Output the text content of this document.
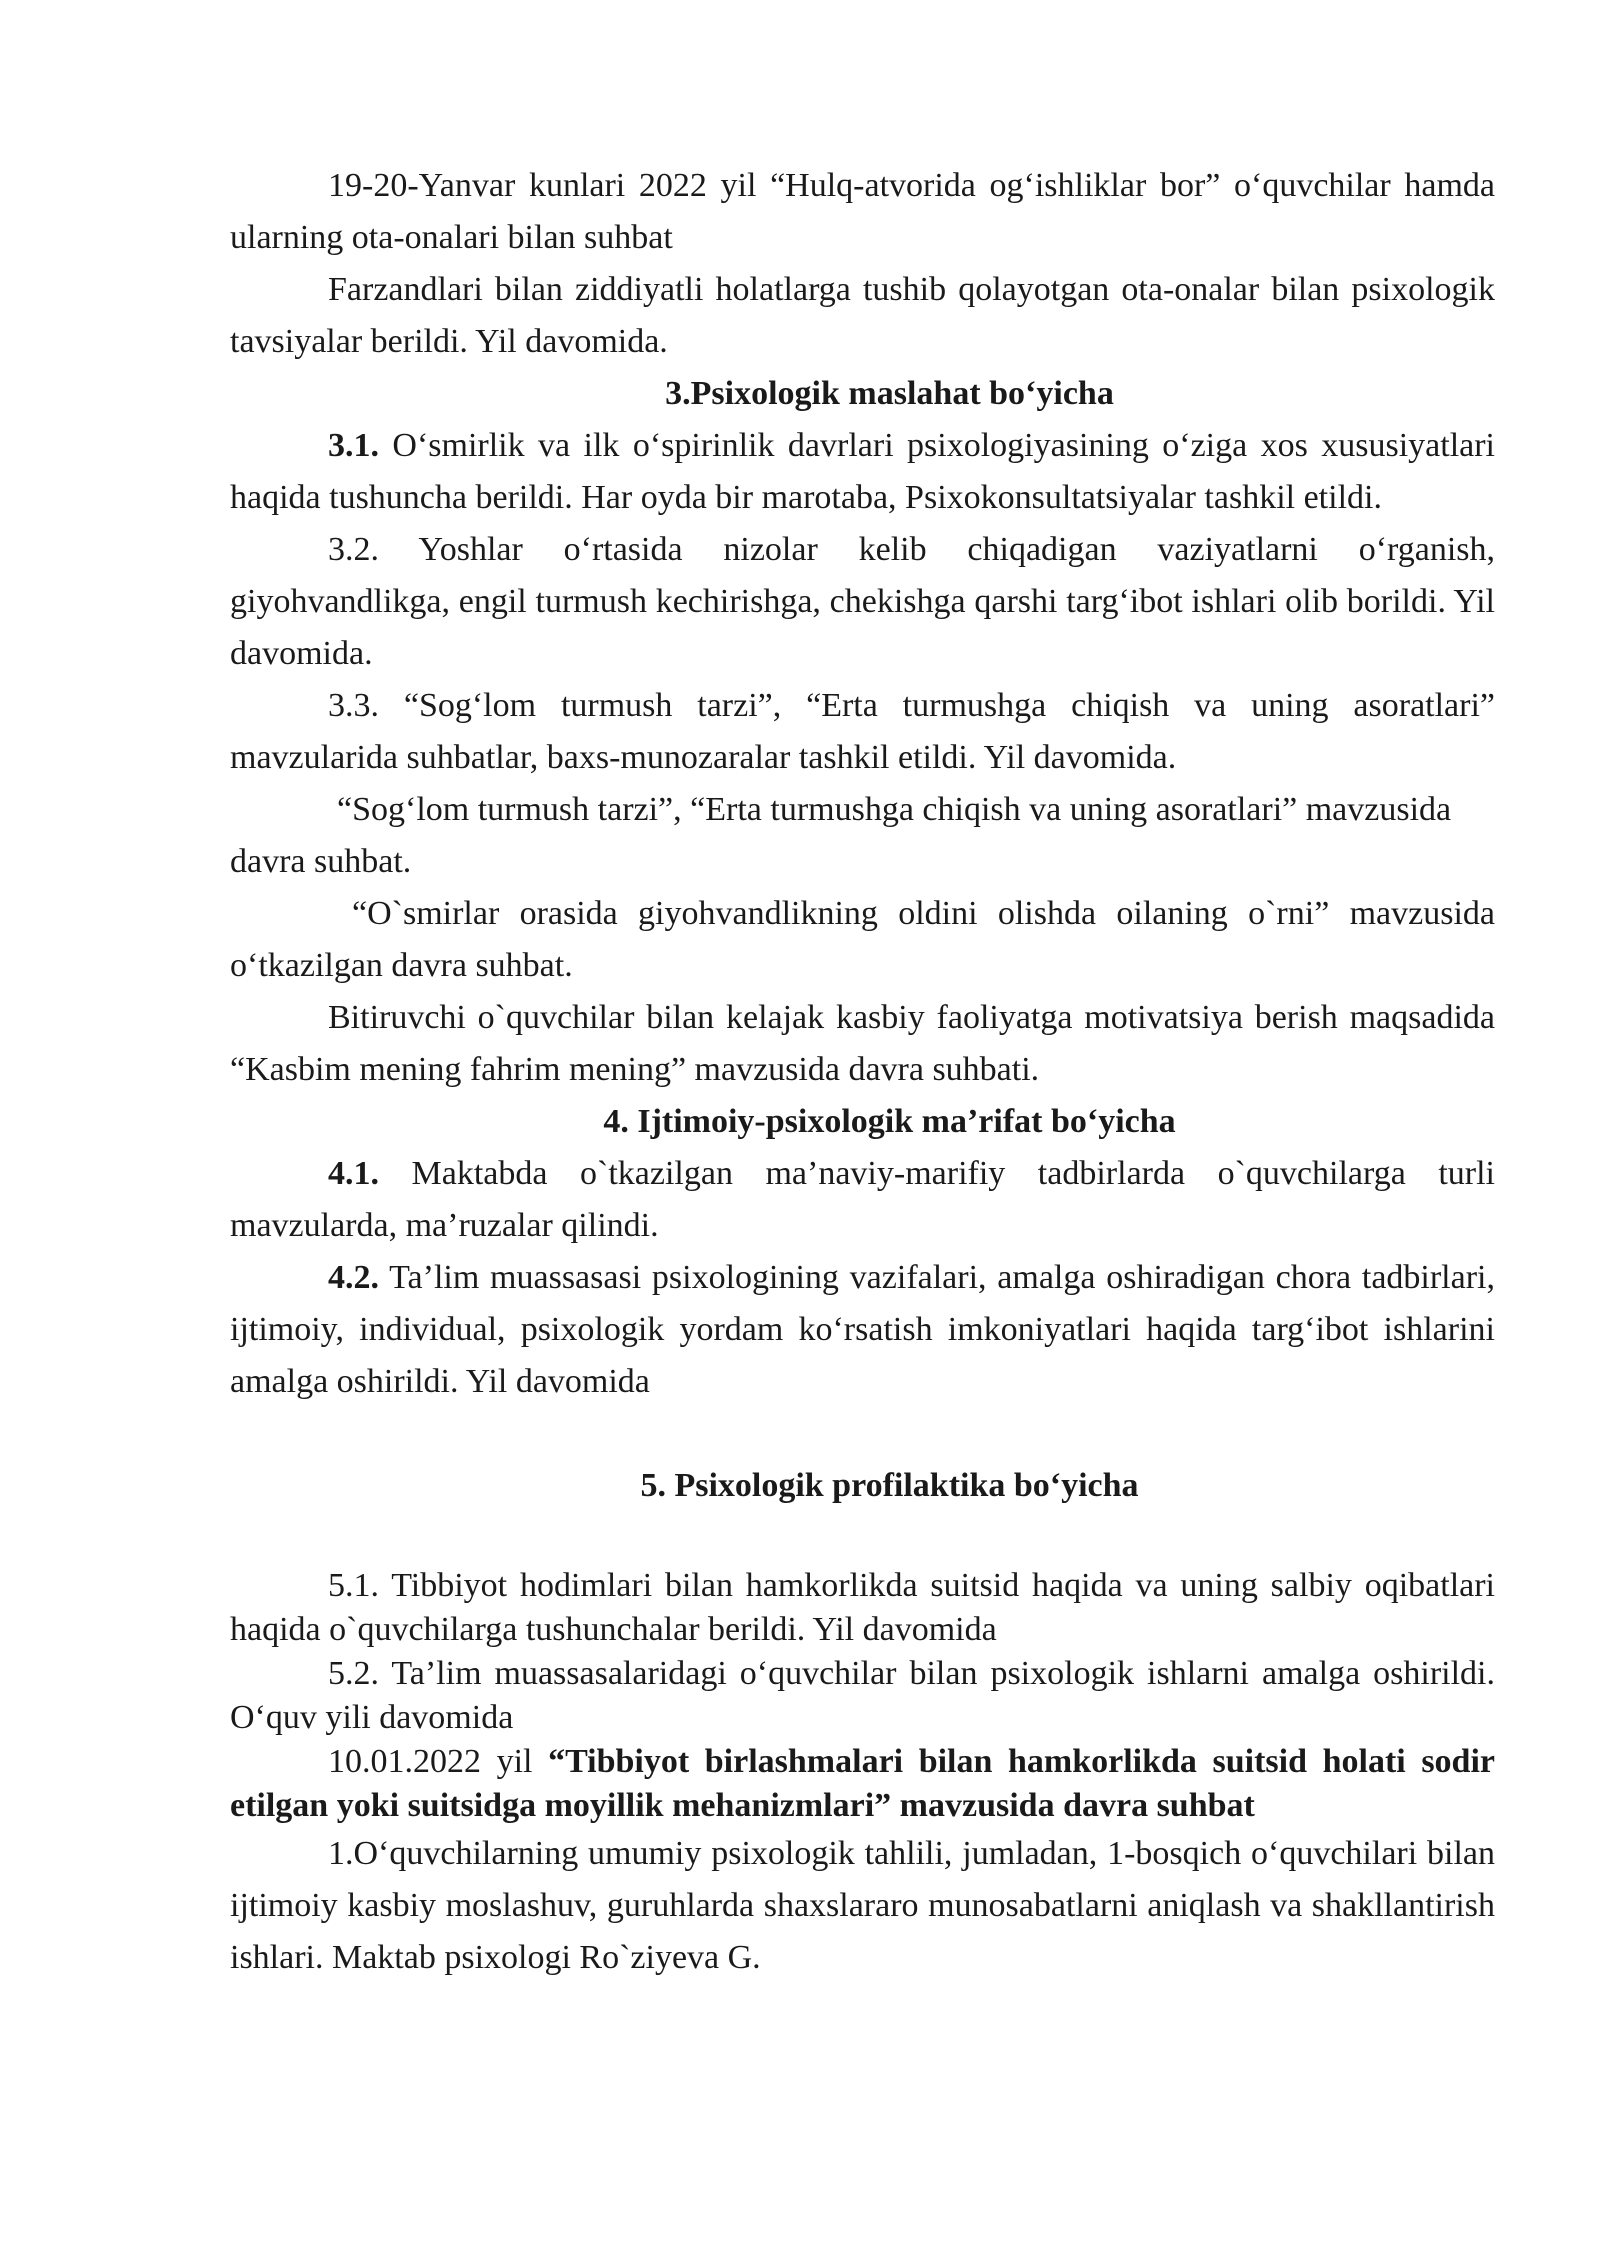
19-20-Yanvar kunlari 2022 yil “Hulq-atvorida og‘ishliklar bor” o‘quvchilar hamda ularning ota-onalari bilan suhbat

Farzandlari bilan ziddiyatli holatlarga tushib qolayotgan ota-onalar bilan psixologik tavsiyalar berildi. Yil davomida.

3.Psixologik maslahat bo‘yicha

3.1. O‘smirlik va ilk o‘spirinlik davrlari psixologiyasining o‘ziga xos xususiyatlari haqida tushuncha berildi. Har oyda bir marotaba, Psixokonsultatsiyalar tashkil etildi.

3.2. Yoshlar o‘rtasida nizolar kelib chiqadigan vaziyatlarni o‘rganish, giyohvandlikga, engil turmush kechirishga, chekishga qarshi targ‘ibot ishlari olib borildi. Yil davomida.

3.3. “Sog‘lom turmush tarzi”, “Erta turmushga chiqish va uning asoratlari” mavzularida suhbatlar, baxs-munozaralar tashkil etildi. Yil davomida.

“Sog‘lom turmush tarzi”, “Erta turmushga chiqish va uning asoratlari” mavzusida davra suhbat.

“O`smirlar orasida giyohvandlikning oldini olishda oilaning o`rni” mavzusida o‘tkazilgan davra suhbat.

Bitiruvchi o`quvchilar bilan kelajak kasbiy faoliyatga motivatsiya berish maqsadida “Kasbim mening fahrim mening” mavzusida davra suhbati.

4. Ijtimoiy-psixologik ma’rifat bo‘yicha

4.1. Maktabda o`tkazilgan ma’naviy-marifiy tadbirlarda o`quvchilarga turli mavzularda, ma’ruzalar qilindi.

4.2. Ta’lim muassasasi psixologining vazifalari, amalga oshiradigan chora tadbirlari, ijtimoiy, individual, psixologik yordam ko‘rsatish imkoniyatlari haqida targ‘ibot ishlarini amalga oshirildi. Yil davomida

5. Psixologik profilaktika bo‘yicha

5.1. Tibbiyot hodimlari bilan hamkorlikda suitsid haqida va uning salbiy oqibatlari haqida o`quvchilarga tushunchalar berildi. Yil davomida

5.2. Ta’lim muassasalaridagi o‘quvchilar bilan psixologik ishlarni amalga oshirildi. O‘quv yili davomida

10.01.2022 yil “Tibbiyot birlashmalari bilan hamkorlikda suitsid holati sodir etilgan yoki suitsidga moyillik mehanizmlari” mavzusida davra suhbat

1.O‘quvchilarning umumiy psixologik tahlili, jumladan, 1-bosqich o‘quvchilari bilan ijtimoiy kasbiy moslashuv, guruhlarda shaxslararo munosabatlarni aniqlash va shakllantirish ishlari. Maktab psixologi Ro`ziyeva G.
